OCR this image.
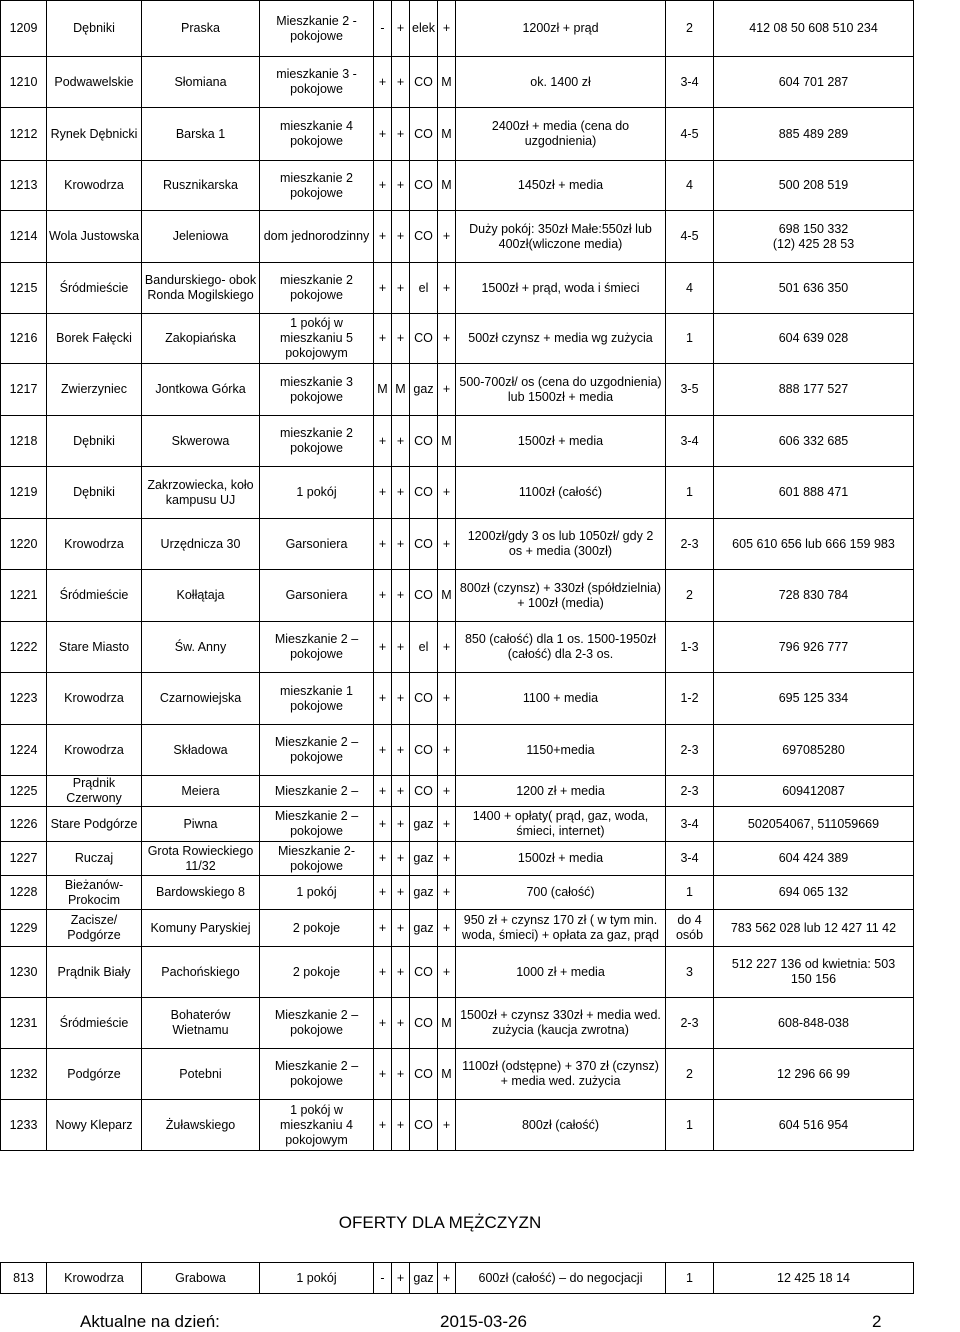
1209	Dębniki	Praska	Mieszkanie 2 -
pokojowe	-	+	elek	+	1200zł + prąd	2	412 08 50 608 510 234
1210	Podwawelskie	Słomiana	mieszkanie 3 -
pokojowe	+	+	CO	M	ok. 1400 zł	3-4	604 701 287
1212	Rynek Dębnicki	Barska 1	mieszkanie 4
pokojowe	+	+	CO	M	2400zł + media (cena do
uzgodnienia)	4-5	885 489 289
1213	Krowodrza	Rusznikarska	mieszkanie 2
pokojowe	+	+	CO	M	1450zł + media	4	500 208 519
1214	Wola Justowska	Jeleniowa	dom jednorodzinny	+	+	CO	+	Duży pokój: 350zł Małe:550zł lub
400zł(wliczone media)	4-5	698 150 332
(12) 425 28 53
1215	Śródmieście	Bandurskiego- obok
Ronda Mogilskiego	mieszkanie 2
pokojowe	+	+	el	+	1500zł + prąd, woda i śmieci	4	501 636 350
1216	Borek Fałęcki	Zakopiańska	1 pokój w
mieszkaniu 5
pokojowym	+	+	CO	+	500zł czynsz + media wg zużycia	1	604 639 028
1217	Zwierzyniec	Jontkowa Górka	mieszkanie 3
pokojowe	M	M	gaz	+	500-700zł/ os (cena do uzgodnienia)
lub 1500zł + media	3-5	888 177 527
1218	Dębniki	Skwerowa	mieszkanie 2
pokojowe	+	+	CO	M	1500zł + media	3-4	606 332 685
1219	Dębniki	Zakrzowiecka, koło
kampusu UJ	1 pokój	+	+	CO	+	1100zł (całość)	1	601 888 471
1220	Krowodrza	Urzędnicza 30	Garsoniera	+	+	CO	+	1200zł/gdy 3 os lub 1050zł/ gdy 2
os + media (300zł)	2-3	605 610 656 lub 666 159 983
1221	Śródmieście	Kołłątaja	Garsoniera	+	+	CO	M	800zł (czynsz) + 330zł (spółdzielnia)
+ 100zł (media)	2	728 830 784
1222	Stare Miasto	Św. Anny	Mieszkanie 2 –
pokojowe	+	+	el	+	850 (całość) dla 1 os. 1500-1950zł
(całość) dla 2-3 os.	1-3	796 926 777
1223	Krowodrza	Czarnowiejska	mieszkanie 1
pokojowe	+	+	CO	+	1100 + media	1-2	695 125 334
1224	Krowodrza	Składowa	Mieszkanie 2 –
pokojowe	+	+	CO	+	1150+media	2-3	697085280
1225	Prądnik Czerwony	Meiera	Mieszkanie 2 –	+	+	CO	+	1200 zł + media	2-3	609412087
1226	Stare Podgórze	Piwna	Mieszkanie 2 –
pokojowe	+	+	gaz	+	1400 + opłaty( prąd, gaz, woda,
śmieci, internet)	3-4	502054067, 511059669
1227	Ruczaj	Grota Rowieckiego
11/32	Mieszkanie 2-
pokojowe	+	+	gaz	+	1500zł + media	3-4	604 424 389
1228	Bieżanów-Prokocim	Bardowskiego 8	1 pokój	+	+	gaz	+	700 (całość)	1	694 065 132
1229	Zacisze/ Podgórze	Komuny Paryskiej	2 pokoje	+	+	gaz	+	950 zł + czynsz 170 zł ( w tym min.
woda, śmieci) + opłata za gaz, prąd	do 4
osób	783 562 028 lub 12 427 11 42
1230	Prądnik Biały	Pachońskiego	2 pokoje	+	+	CO	+	1000 zł + media	3	512 227 136 od kwietnia: 503
150 156
1231	Śródmieście	Bohaterów Wietnamu	Mieszkanie 2 –
pokojowe	+	+	CO	M	1500zł + czynsz 330zł + media wed.
zużycia (kaucja zwrotna)	2-3	608-848-038
1232	Podgórze	Potebni	Mieszkanie 2 –
pokojowe	+	+	CO	M	1100zł (odstępne) + 370 zł (czynsz)
+ media wed. zużycia	2	12 296 66 99
1233	Nowy Kleparz	Żuławskiego	1 pokój w
mieszkaniu 4
pokojowym	+	+	CO	+	800zł (całość)	1	604 516 954
OFERTY DLA MĘŻCZYZN
813	Krowodrza	Grabowa	1 pokój	-	+	gaz	+	600zł (całość) – do negocjacji	1	12 425 18 14
Aktualne na dzień:	2015-03-26	2
